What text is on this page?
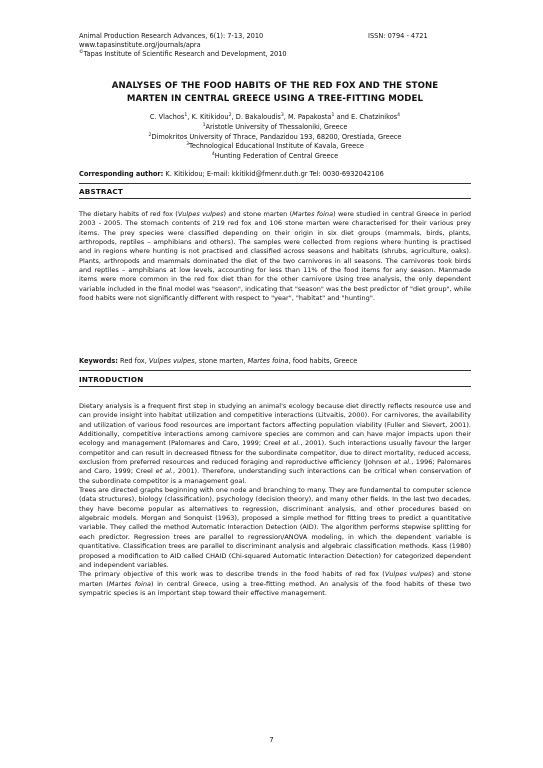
Animal Production Research Advances, 6(1): 7-13, 2010	ISSN: 0794 - 4721
www.tapasinstitute.org/journals/apra
©Tapas Institute of Scientific Research and Development, 2010
ANALYSES OF THE FOOD HABITS OF THE RED FOX AND THE STONE
MARTEN IN CENTRAL GREECE USING A TREE-FITTING MODEL
C. Vlachos$^1$, K. Kitikidou$^2$, D. Bakaloudis$^3$, M. Papakosta$^1$ and E. Chatzinikos$^4$
$^1$Aristotle University of Thessaloniki, Greece
$^2$Dimokritos University of Thrace, Pandazidou 193, 68200, Orestiada, Greece
$^3$Technological Educational Institute of Kavala, Greece
$^4$Hunting Federation of Central Greece
Corresponding author: K. Kitikidou; E-mail: kkitikid@fmenr.duth.gr Tel: 0030-6932042106
ABSTRACT

The dietary habits of red fox (Vulpes vulpes) and stone marten (Martes foina) were studied in central Greece in period 2003 - 2005. The stomach contents of 219 red fox and 106 stone marten were characterised for their various prey items. The prey species were classified depending on their origin in six diet groups (mammals, birds, plants, arthropods, reptiles – amphibians and others). The samples were collected from regions where hunting is practised and in regions where hunting is not practised and classified across seasons and habitats (shrubs, agriculture, oaks). Plants, arthropods and mammals dominated the diet of the two carnivores in all seasons. The carnivores took birds and reptiles – amphibians at low levels, accounting for less than 11% of the food items for any season. Manmade items were more common in the red fox diet than for the other carnivore Using tree analysis, the only dependent variable included in the final model was "season", indicating that "season" was the best predictor of "diet group", while food habits were not significantly different with respect to "year", "habitat" and "hunting".

Keywords: Red fox, Vulpes vulpes, stone marten, Martes foina, food habits, Greece
INTRODUCTION

Dietary analysis is a frequent first step in studying an animal's ecology because diet directly reflects resource use and can provide insight into habitat utilization and competitive interactions (Litvaitis, 2000). For carnivores, the availability and utilization of various food resources are important factors affecting population viability (Fuller and Sievert, 2001). Additionally, competitive interactions among carnivore species are common and can have major impacts upon their ecology and management (Palomares and Caro, 1999; Creel et al., 2001). Such interactions usually favour the larger competitor and can result in decreased fitness for the subordinate competitor, due to direct mortality, reduced access, exclusion from preferred resources and reduced foraging and reproductive efficiency (Johnson et al., 1996; Palomares and Caro, 1999; Creel et al., 2001). Therefore, understanding such interactions can be critical when conservation of the subordinate competitor is a management goal.

Trees are directed graphs beginning with one node and branching to many. They are fundamental to computer science (data structures), biology (classification), psychology (decision theory), and many other fields. In the last two decades, they have become popular as alternatives to regression, discriminant analysis, and other procedures based on algebraic models. Morgan and Sonquist (1963), proposed a simple method for fitting trees to predict a quantitative variable. They called the method Automatic Interaction Detection (AID). The algorithm performs stepwise splitting for each predictor. Regression trees are parallel to regression/ANOVA modeling, in which the dependent variable is quantitative. Classification trees are parallel to discriminant analysis and algebraic classification methods. Kass (1980) proposed a modification to AID called CHAID (Chi-squared Automatic Interaction Detection) for categorized dependent and independent variables.

The primary objective of this work was to describe trends in the food habits of red fox (Vulpes vulpes) and stone marten (Martes foina) in central Greece, using a tree-fitting method. An analysis of the food habits of these two sympatric species is an important step toward their effective management.

7
